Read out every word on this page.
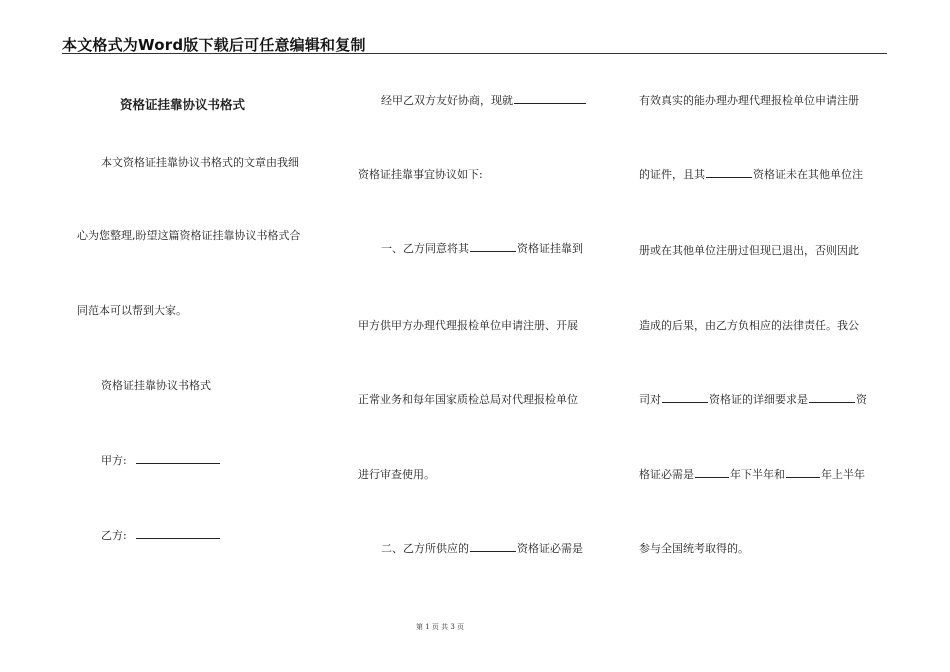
本文格式为Word版下载后可任意编辑和复制
资格证挂靠协议书格式
本文资格证挂靠协议书格式的文章由我细
心为您整理,盼望这篇资格证挂靠协议书格式合
同范本可以帮到大家。
资格证挂靠协议书格式
甲方:
乙方:
经甲乙双方友好协商，现就
资格证挂靠事宜协议如下:
一、乙方同意将其	资格证挂靠到
甲方供甲方办理代理报检单位申请注册、开展
正常业务和每年国家质检总局对代理报检单位
进行审查使用。
二、乙方所供应的	资格证必需是
有效真实的能办理办理代理报检单位申请注册
的证件，且其	资格证未在其他单位注
册或在其他单位注册过但现已退出，否则因此
造成的后果，由乙方负相应的法律责任。我公
司对	资格证的详细要求是	资
格证必需是	年下半年和	年上半年
参与全国统考取得的。
第 1 页 共 3 页
